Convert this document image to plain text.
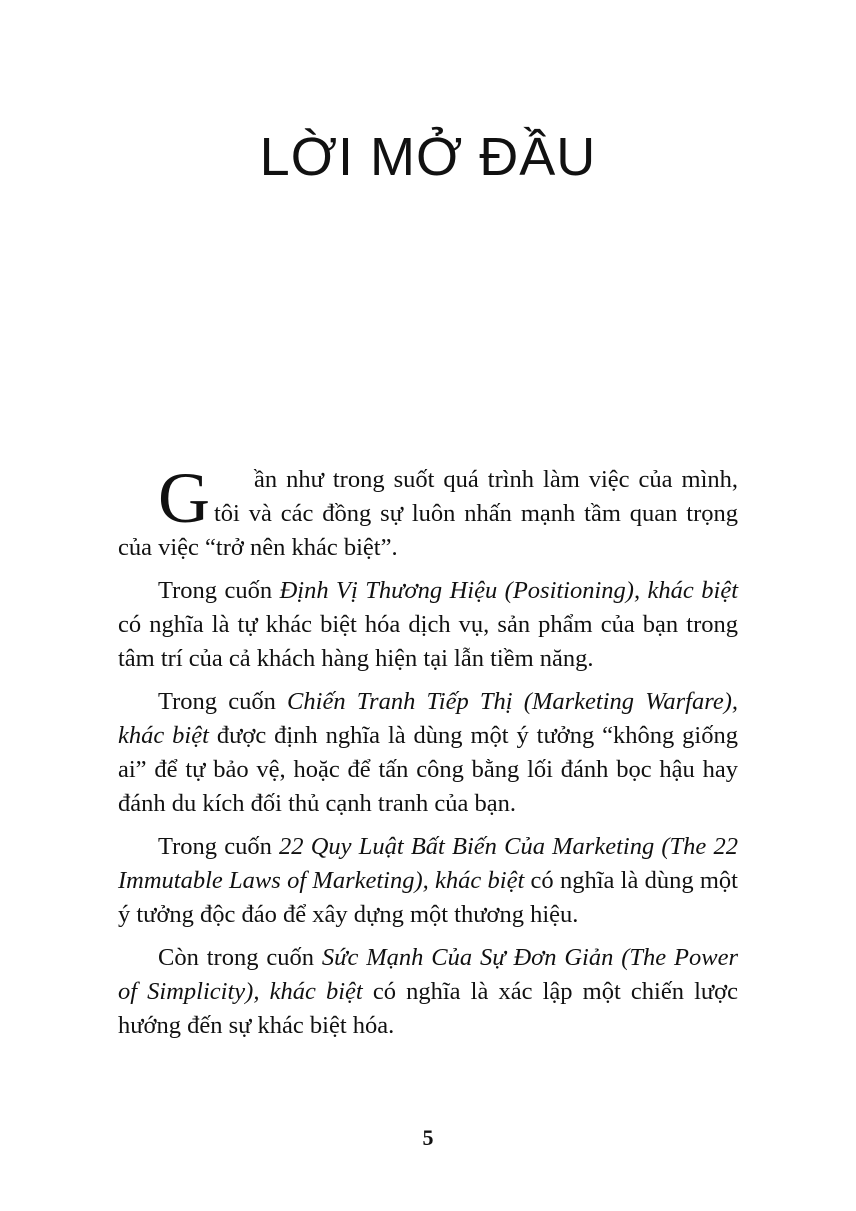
LỜI MỞ ĐẦU

G ần như trong suốt quá trình làm việc của mình, tôi và các đồng sự luôn nhấn mạnh tầm quan trọng của việc “trở nên khác biệt”.

Trong cuốn Định Vị Thương Hiệu (Positioning), khác biệt có nghĩa là tự khác biệt hóa dịch vụ, sản phẩm của bạn trong tâm trí của cả khách hàng hiện tại lẫn tiềm năng.

Trong cuốn Chiến Tranh Tiếp Thị (Marketing Warfare), khác biệt được định nghĩa là dùng một ý tưởng “không giống ai” để tự bảo vệ, hoặc để tấn công bằng lối đánh bọc hậu hay đánh du kích đối thủ cạnh tranh của bạn.

Trong cuốn 22 Quy Luật Bất Biến Của Marketing (The 22 Immutable Laws of Marketing), khác biệt có nghĩa là dùng một ý tưởng độc đáo để xây dựng một thương hiệu.

Còn trong cuốn Sức Mạnh Của Sự Đơn Giản (The Power of Simplicity), khác biệt có nghĩa là xác lập một chiến lược hướng đến sự khác biệt hóa.

5
